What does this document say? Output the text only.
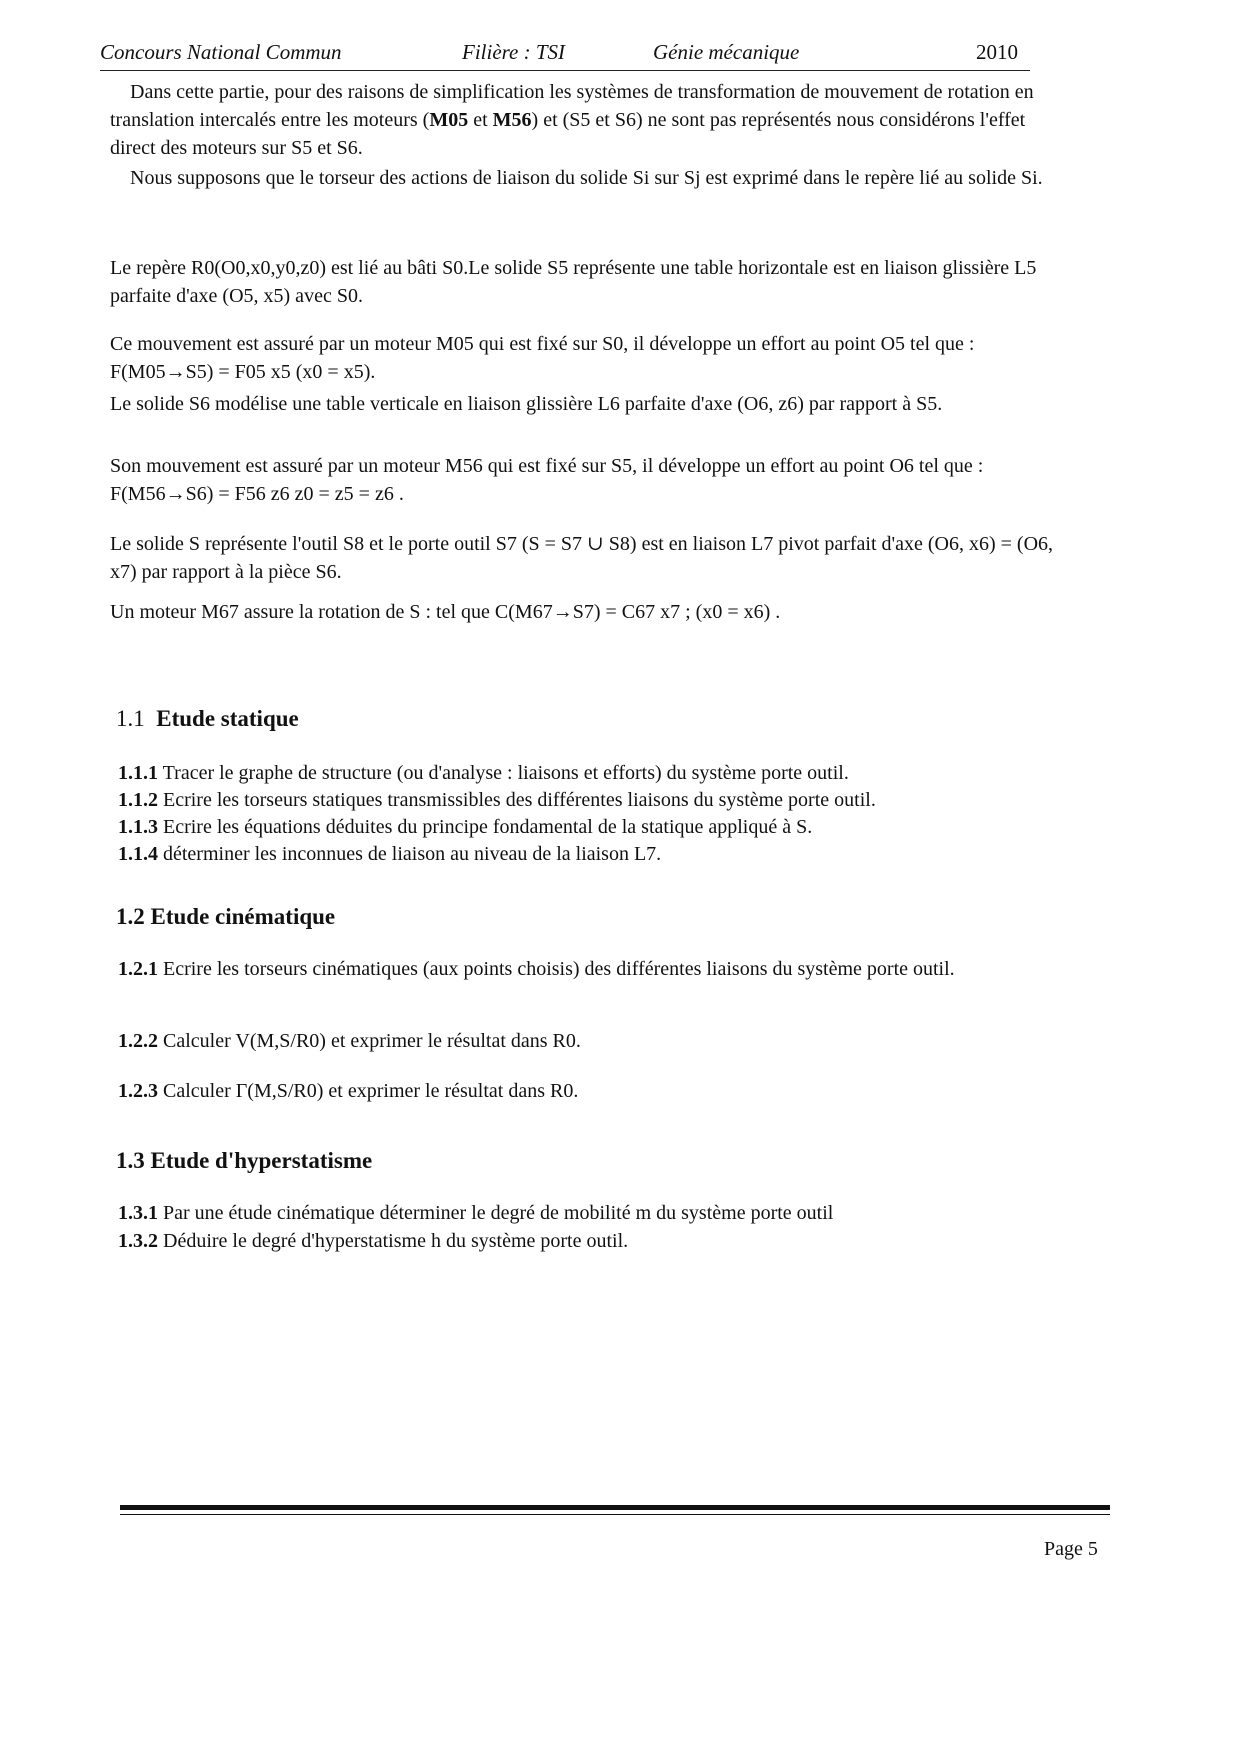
Concours National Commun	Filière : TSI	Génie mécanique	2010
Dans cette partie, pour des raisons de simplification les systèmes de transformation de mouvement de rotation en translation intercalés entre les moteurs (M05 et M56) et (S5 et S6) ne sont pas représentés nous considérons l'effet direct des moteurs sur S5 et S6.
Nous supposons que le torseur des actions de liaison du solide Si sur Sj est exprimé dans le repère lié au solide Si.
Le repère R0(O0,x0,y0,z0) est lié au bâti S0.Le solide S5 représente une table horizontale est en liaison glissière L5 parfaite d'axe (O5, x5) avec S0.
Ce mouvement est assuré par un moteur M05 qui est fixé sur S0, il développe un effort au point O5 tel que : F(M05→S5) = F05 x5 (x0 = x5).
Le solide S6 modélise une table verticale en liaison glissière L6 parfaite d'axe (O6, z6) par rapport à S5.
Son mouvement est assuré par un moteur M56 qui est fixé sur S5, il développe un effort au point O6 tel que : F(M56→S6) = F56 z6 z0 = z5 = z6 .
Le solide S représente l'outil S8 et le porte outil S7 (S = S7 ∪ S8) est en liaison L7 pivot parfait d'axe (O6, x6) = (O6, x7) par rapport à la pièce S6.
Un moteur M67 assure la rotation de S : tel que C(M67→S7) = C67 x7 ; (x0 = x6) .
1.1 Etude statique
1.1.1 Tracer le graphe de structure (ou d'analyse : liaisons et efforts) du système porte outil.
1.1.2 Ecrire les torseurs statiques transmissibles des différentes liaisons du système porte outil.
1.1.3 Ecrire les équations déduites du principe fondamental de la statique appliqué à S.
1.1.4 déterminer les inconnues de liaison au niveau de la liaison L7.
1.2 Etude cinématique
1.2.1 Ecrire les torseurs cinématiques (aux points choisis) des différentes liaisons du système porte outil.
1.2.2 Calculer V(M,S/R0) et exprimer le résultat dans R0.
1.2.3 Calculer Γ(M,S/R0) et exprimer le résultat dans R0.
1.3 Etude d'hyperstatisme
1.3.1 Par une étude cinématique déterminer le degré de mobilité m du système porte outil
1.3.2 Déduire le degré d'hyperstatisme h du système porte outil.
Page 5
